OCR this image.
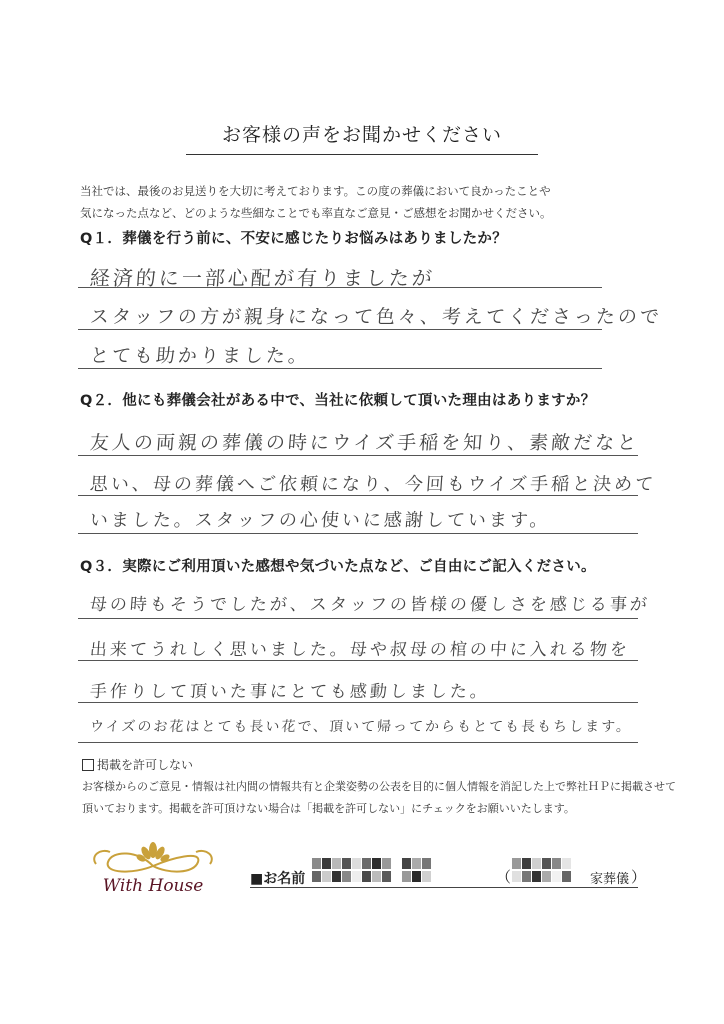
お客様の声をお聞かせください
当社では、最後のお見送りを大切に考えております。この度の葬儀において良かったことや
気になった点など、どのような些細なことでも率直なご意見・ご感想をお聞かせください。
Q１．葬儀を行う前に、不安に感じたりお悩みはありましたか？
経済的に一部心配が有りましたが
スタッフの方が親身になって色々、考えてくださったので
とても助かりました。
Q２．他にも葬儀会社がある中で、当社に依頼して頂いた理由はありますか？
友人の両親の葬儀の時にウイズ手稲を知り、素敵だなと
思い、母の葬儀へご依頼になり、今回もウイズ手稲と決めて
いました。スタッフの心使いに感謝しています。
Q３．実際にご利用頂いた感想や気づいた点など、ご自由にご記入ください。
母の時もそうでしたが、スタッフの皆様の優しさを感じる事が
出来てうれしく思いました。母や叔母の棺の中に入れる物を
手作りして頂いた事にとても感動しました。
ウイズのお花はとても長い花で、頂いて帰ってからもとても長もちします。
掲載を許可しない
お客様からのご意見・情報は社内間の情報共有と企業姿勢の公表を目的に個人情報を消記した上で弊社ＨＰに掲載させて
頂いております。掲載を許可頂けない場合は「掲載を許可しない」にチェックをお願いいたします。
With House	■お名前	（	家葬儀 ）
